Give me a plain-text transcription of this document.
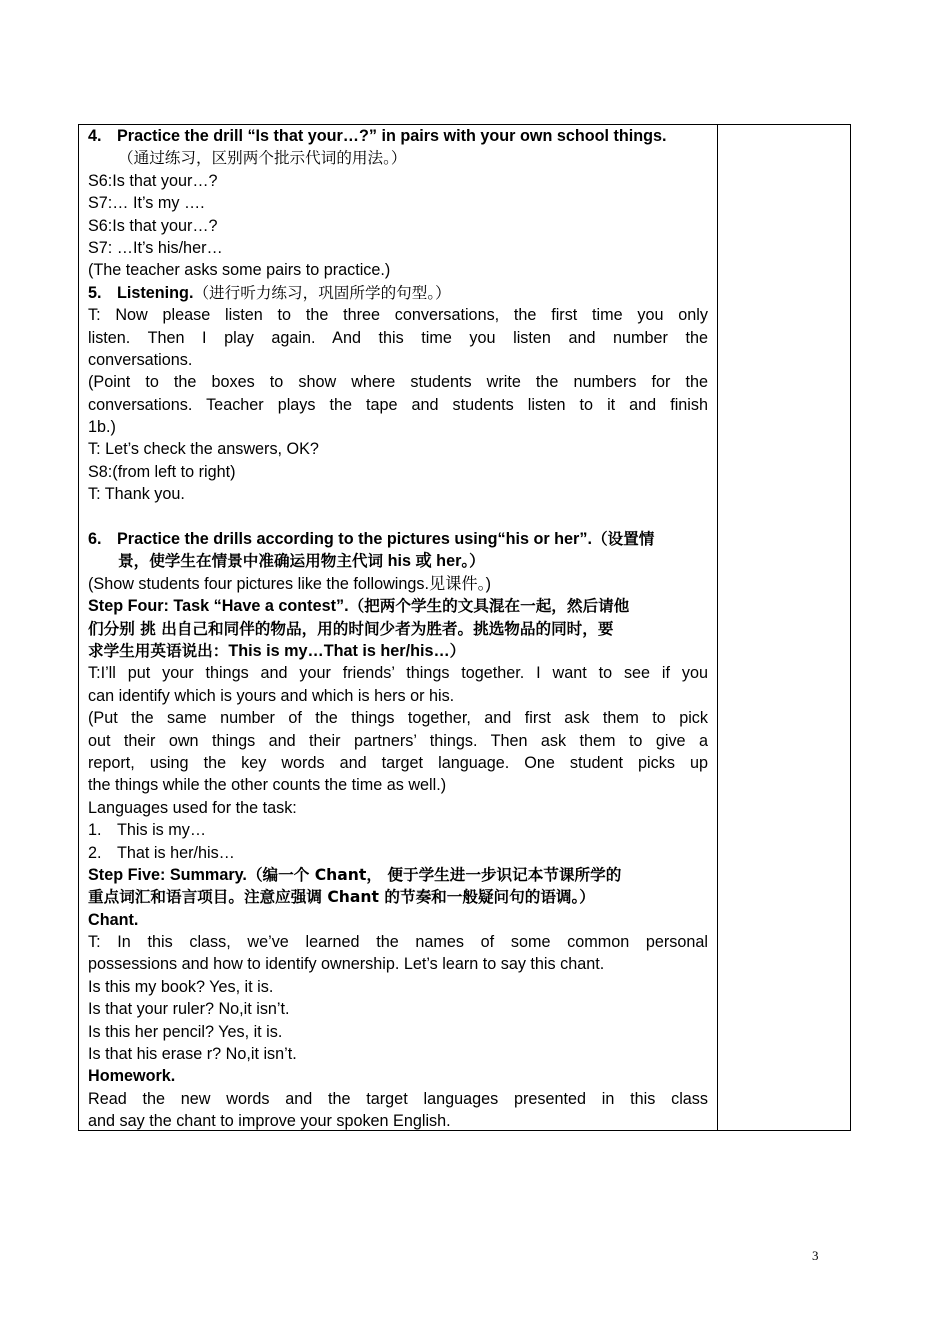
4. Practice the drill “Is that your…?” in pairs with your own school things.
（通过练习，区别两个批示代词的用法。）
S6:Is that your…?
S7:… It’s my ….
S6:Is that your…?
S7: …It’s his/her…
(The teacher asks some pairs to practice.)
5. Listening.（进行听力练习，巩固所学的句型。）
T: Now please listen to the three conversations, the first time you only
listen. Then I play again. And this time you listen and number the
conversations.
(Point to the boxes to show where students write the numbers for the
conversations. Teacher plays the tape and students listen to it and finish
1b.)
T: Let’s check the answers, OK?
S8:(from left to right)
T: Thank you.
6. Practice the drills according to the pictures using“his or her”.（设置情
景，使学生在情景中准确运用物主代词 his 或 her。）
(Show students four pictures like the followings.见课件。)
Step Four: Task “Have a contest”.（把两个学生的文具混在一起，然后请他
们分别 挑 出自己和同伴的物品，用的时间少者为胜者。挑选物品的同时，要
求学生用英语说出：This is my…That is her/his…）
T:I’ll put your things and your friends’ things together. I want to see if you
can identify which is yours and which is hers or his.
(Put the same number of the things together, and first ask them to pick
out their own things and their partners’ things. Then ask them to give a
report, using the key words and target language. One student picks up
the things while the other counts the time as well.)
Languages used for the task:
1. This is my…
2. That is her/his…
Step Five: Summary.（编一个 Chant， 便于学生进一步识记本节课所学的
重点词汇和语言项目。注意应强调 Chant 的节奏和一般疑问句的语调。）
Chant.
T: In this class, we’ve learned the names of some common personal
possessions and how to identify ownership. Let’s learn to say this chant.
Is this my book? Yes, it is.
Is that your ruler? No,it isn’t.
Is this her pencil? Yes, it is.
Is that his erase r? No,it isn’t.
Homework.
Read the new words and the target languages presented in this class
and say the chant to improve your spoken English.
3
